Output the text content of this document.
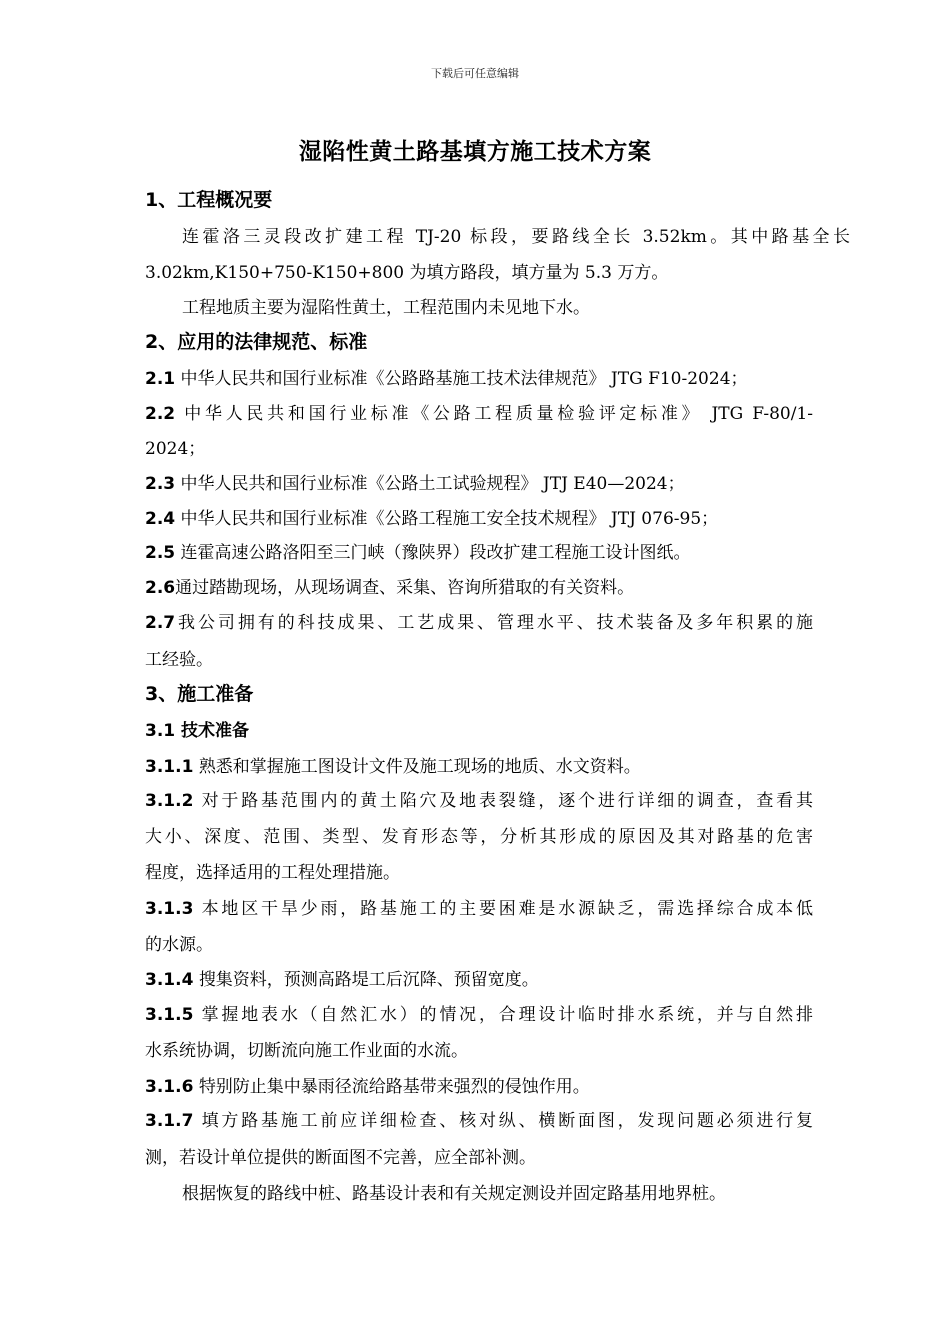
下载后可任意编辑
湿陷性黄土路基填方施工技术方案
1、工程概况要
连霍洛三灵段改扩建工程 TJ-20 标段，要路线全长 3.52km。其中路基全长
3.02km,K150+750-K150+800 为填方路段，填方量为 5.3 万方。
工程地质主要为湿陷性黄土，工程范围内未见地下水。
2、应用的法律规范、标准
2.1 中华人民共和国行业标准《公路路基施工技术法律规范》 JTG F10-2024；
2.2 中华人民共和国行业标准《公路工程质量检验评定标准》 JTG F-80/1-
2024；
2.3 中华人民共和国行业标准《公路土工试验规程》 JTJ E40—2024；
2.4 中华人民共和国行业标准《公路工程施工安全技术规程》 JTJ 076-95；
2.5 连霍高速公路洛阳至三门峡（豫陕界）段改扩建工程施工设计图纸。
2.6通过踏勘现场，从现场调查、采集、咨询所猎取的有关资料。
2.7我公司拥有的科技成果、工艺成果、管理水平、技术装备及多年积累的施
工经验。
3、施工准备
3.1 技术准备
3.1.1 熟悉和掌握施工图设计文件及施工现场的地质、水文资料。
3.1.2 对于路基范围内的黄土陷穴及地表裂缝，逐个进行详细的调查，查看其
大小、深度、范围、类型、发育形态等，分析其形成的原因及其对路基的危害
程度，选择适用的工程处理措施。
3.1.3 本地区干旱少雨，路基施工的主要困难是水源缺乏，需选择综合成本低
的水源。
3.1.4 搜集资料，预测高路堤工后沉降、预留宽度。
3.1.5 掌握地表水（自然汇水）的情况，合理设计临时排水系统，并与自然排
水系统协调，切断流向施工作业面的水流。
3.1.6 特别防止集中暴雨径流给路基带来强烈的侵蚀作用。
3.1.7 填方路基施工前应详细检查、核对纵、横断面图，发现问题必须进行复
测，若设计单位提供的断面图不完善，应全部补测。
根据恢复的路线中桩、路基设计表和有关规定测设并固定路基用地界桩。
